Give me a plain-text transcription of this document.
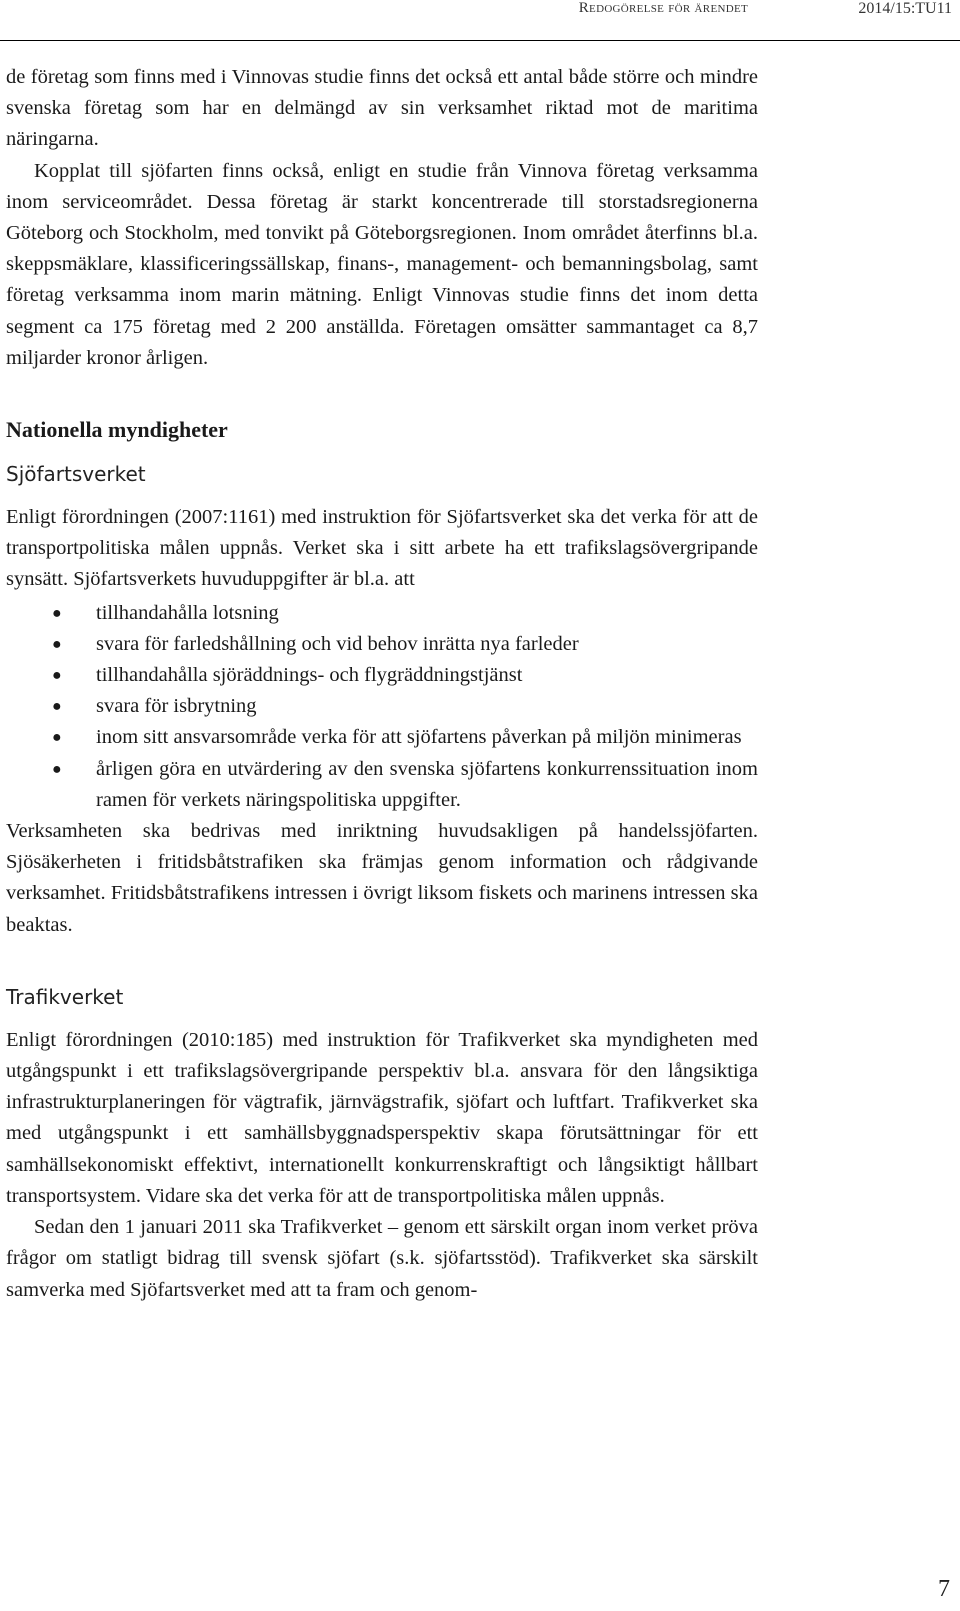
Redogörelse för ärendet	2014/15:TU11

de företag som finns med i Vinnovas studie finns det också ett antal både större och mindre svenska företag som har en delmängd av sin verksamhet riktad mot de maritima näringarna.

Kopplat till sjöfarten finns också, enligt en studie från Vinnova företag verksamma inom serviceområdet. Dessa företag är starkt koncentrerade till storstadsregionerna Göteborg och Stockholm, med tonvikt på Göteborgsregionen. Inom området återfinns bl.a. skeppsmäklare, klassificeringssällskap, finans-, management- och bemanningsbolag, samt företag verksamma inom marin mätning. Enligt Vinnovas studie finns det inom detta segment ca 175 företag med 2 200 anställda. Företagen omsätter sammantaget ca 8,7 miljarder kronor årligen.

Nationella myndigheter
Sjöfartsverket

Enligt förordningen (2007:1161) med instruktion för Sjöfartsverket ska det verka för att de transportpolitiska målen uppnås. Verket ska i sitt arbete ha ett trafikslagsövergripande synsätt. Sjöfartsverkets huvuduppgifter är bl.a. att

● tillhandahålla lotsning
● svara för farledshållning och vid behov inrätta nya farleder
● tillhandahålla sjöräddnings- och flygräddningstjänst
● svara för isbrytning
● inom sitt ansvarsområde verka för att sjöfartens påverkan på miljön minimeras
● årligen göra en utvärdering av den svenska sjöfartens konkurrenssituation inom ramen för verkets näringspolitiska uppgifter.

Verksamheten ska bedrivas med inriktning huvudsakligen på handelssjöfarten. Sjösäkerheten i fritidsbåtstrafiken ska främjas genom information och rådgivande verksamhet. Fritidsbåtstrafikens intressen i övrigt liksom fiskets och marinens intressen ska beaktas.

Trafikverket

Enligt förordningen (2010:185) med instruktion för Trafikverket ska myndigheten med utgångspunkt i ett trafikslagsövergripande perspektiv bl.a. ansvara för den långsiktiga infrastrukturplaneringen för vägtrafik, järnvägstrafik, sjöfart och luftfart. Trafikverket ska med utgångspunkt i ett samhällsbyggnadsperspektiv skapa förutsättningar för ett samhällsekonomiskt effektivt, internationellt konkurrenskraftigt och långsiktigt hållbart transportsystem. Vidare ska det verka för att de transportpolitiska målen uppnås.

Sedan den 1 januari 2011 ska Trafikverket – genom ett särskilt organ inom verket pröva frågor om statligt bidrag till svensk sjöfart (s.k. sjöfartsstöd). Trafikverket ska särskilt samverka med Sjöfartsverket med att ta fram och genom-

7
